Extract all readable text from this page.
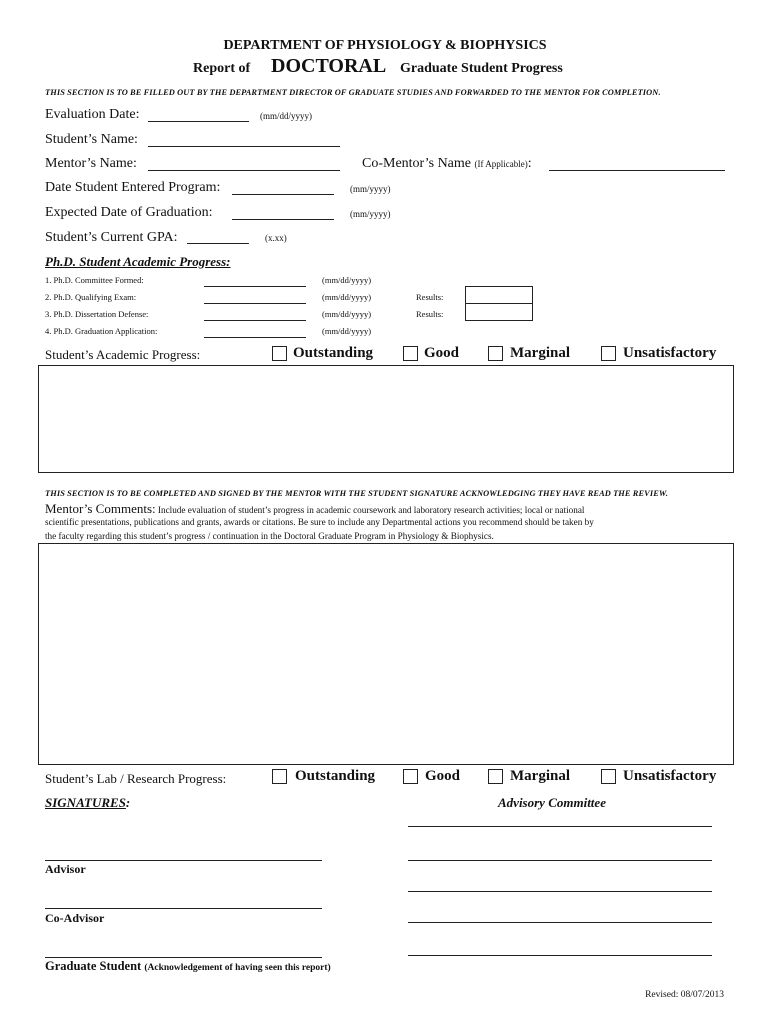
DEPARTMENT OF PHYSIOLOGY & BIOPHYSICS
Report of DOCTORAL Graduate Student Progress
THIS SECTION IS TO BE FILLED OUT BY THE DEPARTMENT DIRECTOR OF GRADUATE STUDIES AND FORWARDED TO THE MENTOR FOR COMPLETION.
Evaluation Date:	(mm/dd/yyyy)
Student’s Name:
Mentor’s Name:	Co-Mentor’s Name (If Applicable):
Date Student Entered Program:	(mm/yyyy)
Expected Date of Graduation:	(mm/yyyy)
Student’s Current GPA:	(x.xx)
Ph.D. Student Academic Progress:
1. Ph.D. Committee Formed:	(mm/dd/yyyy)
2. Ph.D. Qualifying Exam:	(mm/dd/yyyy)	Results:
3. Ph.D. Dissertation Defense:	(mm/dd/yyyy)	Results:
4. Ph.D. Graduation Application:	(mm/dd/yyyy)
Student’s Academic Progress:	Outstanding	Good	Marginal	Unsatisfactory
THIS SECTION IS TO BE COMPLETED AND SIGNED BY THE MENTOR WITH THE STUDENT SIGNATURE ACKNOWLEDGING THEY HAVE READ THE REVIEW.
Mentor’s Comments: Include evaluation of student’s progress in academic coursework and laboratory research activities; local or national
scientific presentations, publications and grants, awards or citations. Be sure to include any Departmental actions you recommend should be taken by
the faculty regarding this student’s progress / continuation in the Doctoral Graduate Program in Physiology & Biophysics.
Student’s Lab / Research Progress:	Outstanding	Good	Marginal	Unsatisfactory
SIGNATURES:	Advisory Committee
Advisor
Co-Advisor
Graduate Student (Acknowledgement of having seen this report)
Revised: 08/07/2013
